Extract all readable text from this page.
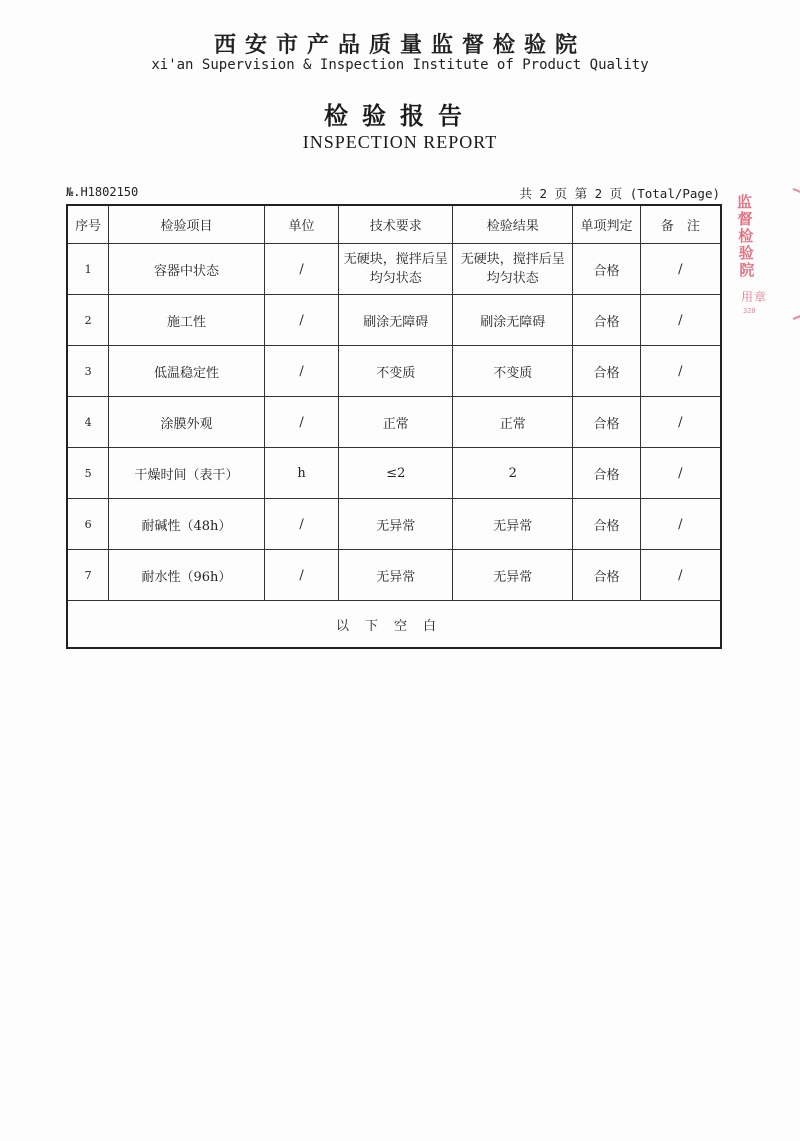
西安市产品质量监督检验院
xi'an Supervision & Inspection Institute of Product Quality
检验报告
INSPECTION REPORT
№.H1802150	共 2 页 第 2 页 (Total/Page)
序号	检验项目	单位	技术要求	检验结果	单项判定	备　注
1	容器中状态	/	无硬块，搅拌后呈均匀状态	无硬块，搅拌后呈均匀状态	合格	/
2	施工性	/	刷涂无障碍	刷涂无障碍	合格	/
3	低温稳定性	/	不变质	不变质	合格	/
4	涂膜外观	/	正常	正常	合格	/
5	干燥时间（表干）	h	≤2	2	合格	/
6	耐碱性（48h）	/	无异常	无异常	合格	/
7	耐水性（96h）	/	无异常	无异常	合格	/
以下空白						
监
督
检
验
院
用 章
328
